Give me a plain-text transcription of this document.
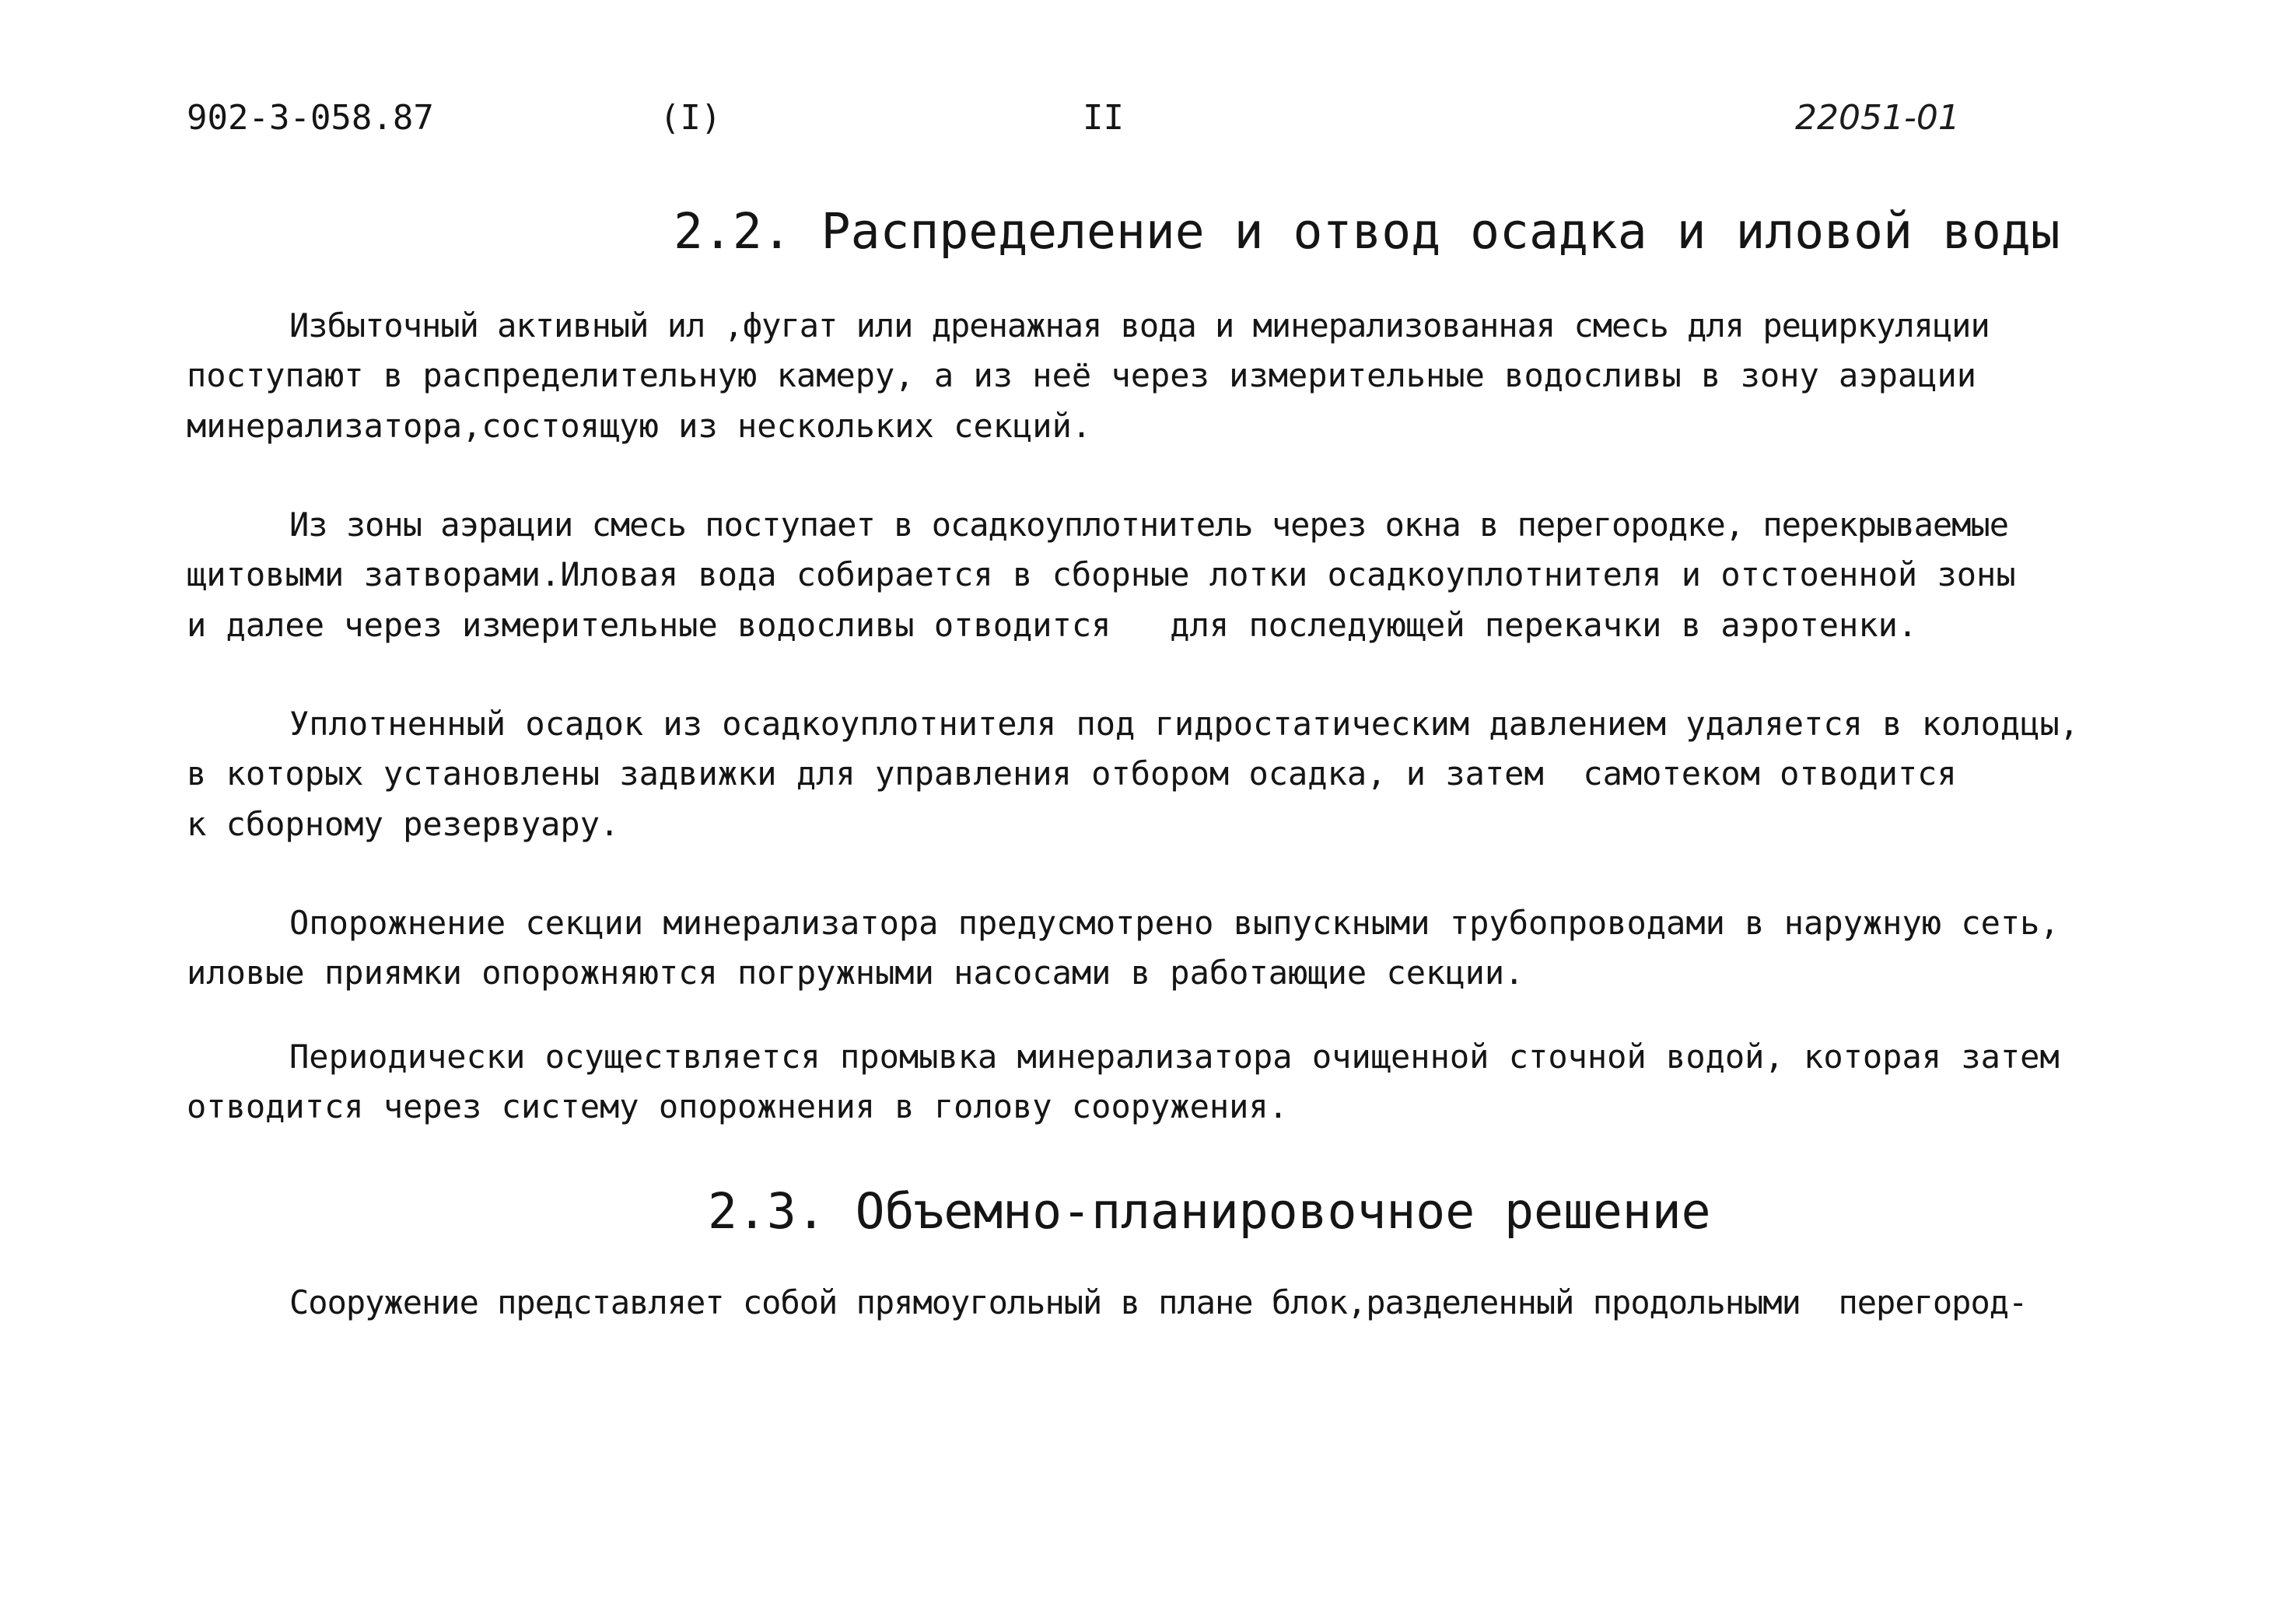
902-3-058.87	(I)	II	22051-01
2.2. Распределение и отвод осадка и иловой воды

Избыточный активный ил ,фугат или дренажная вода и минерализованная смесь для рециркуляции

поступают в распределительную камеру, а из неё через измерительные водосливы в зону аэрации

минерализатора,состоящую из нескольких секций.

Из зоны аэрации смесь поступает в осадкоуплотнитель через окна в перегородке, перекрываемые

щитовыми затворами.Иловая вода собирается в сборные лотки осадкоуплотнителя и отстоенной зоны

и далее через измерительные водосливы отводится   для последующей перекачки в аэротенки.

Уплотненный осадок из осадкоуплотнителя под гидростатическим давлением удаляется в колодцы,

в которых установлены задвижки для управления отбором осадка, и затем  самотеком отводится

к сборному резервуару.

Опорожнение секции минерализатора предусмотрено выпускными трубопроводами в наружную сеть,

иловые приямки опорожняются погружными насосами в работающие секции.

Периодически осуществляется промывка минерализатора очищенной сточной водой, которая затем

отводится через систему опорожнения в голову сооружения.

2.3. Объемно-планировочное решение

Сооружение представляет собой прямоугольный в плане блок,разделенный продольными  перегород-
